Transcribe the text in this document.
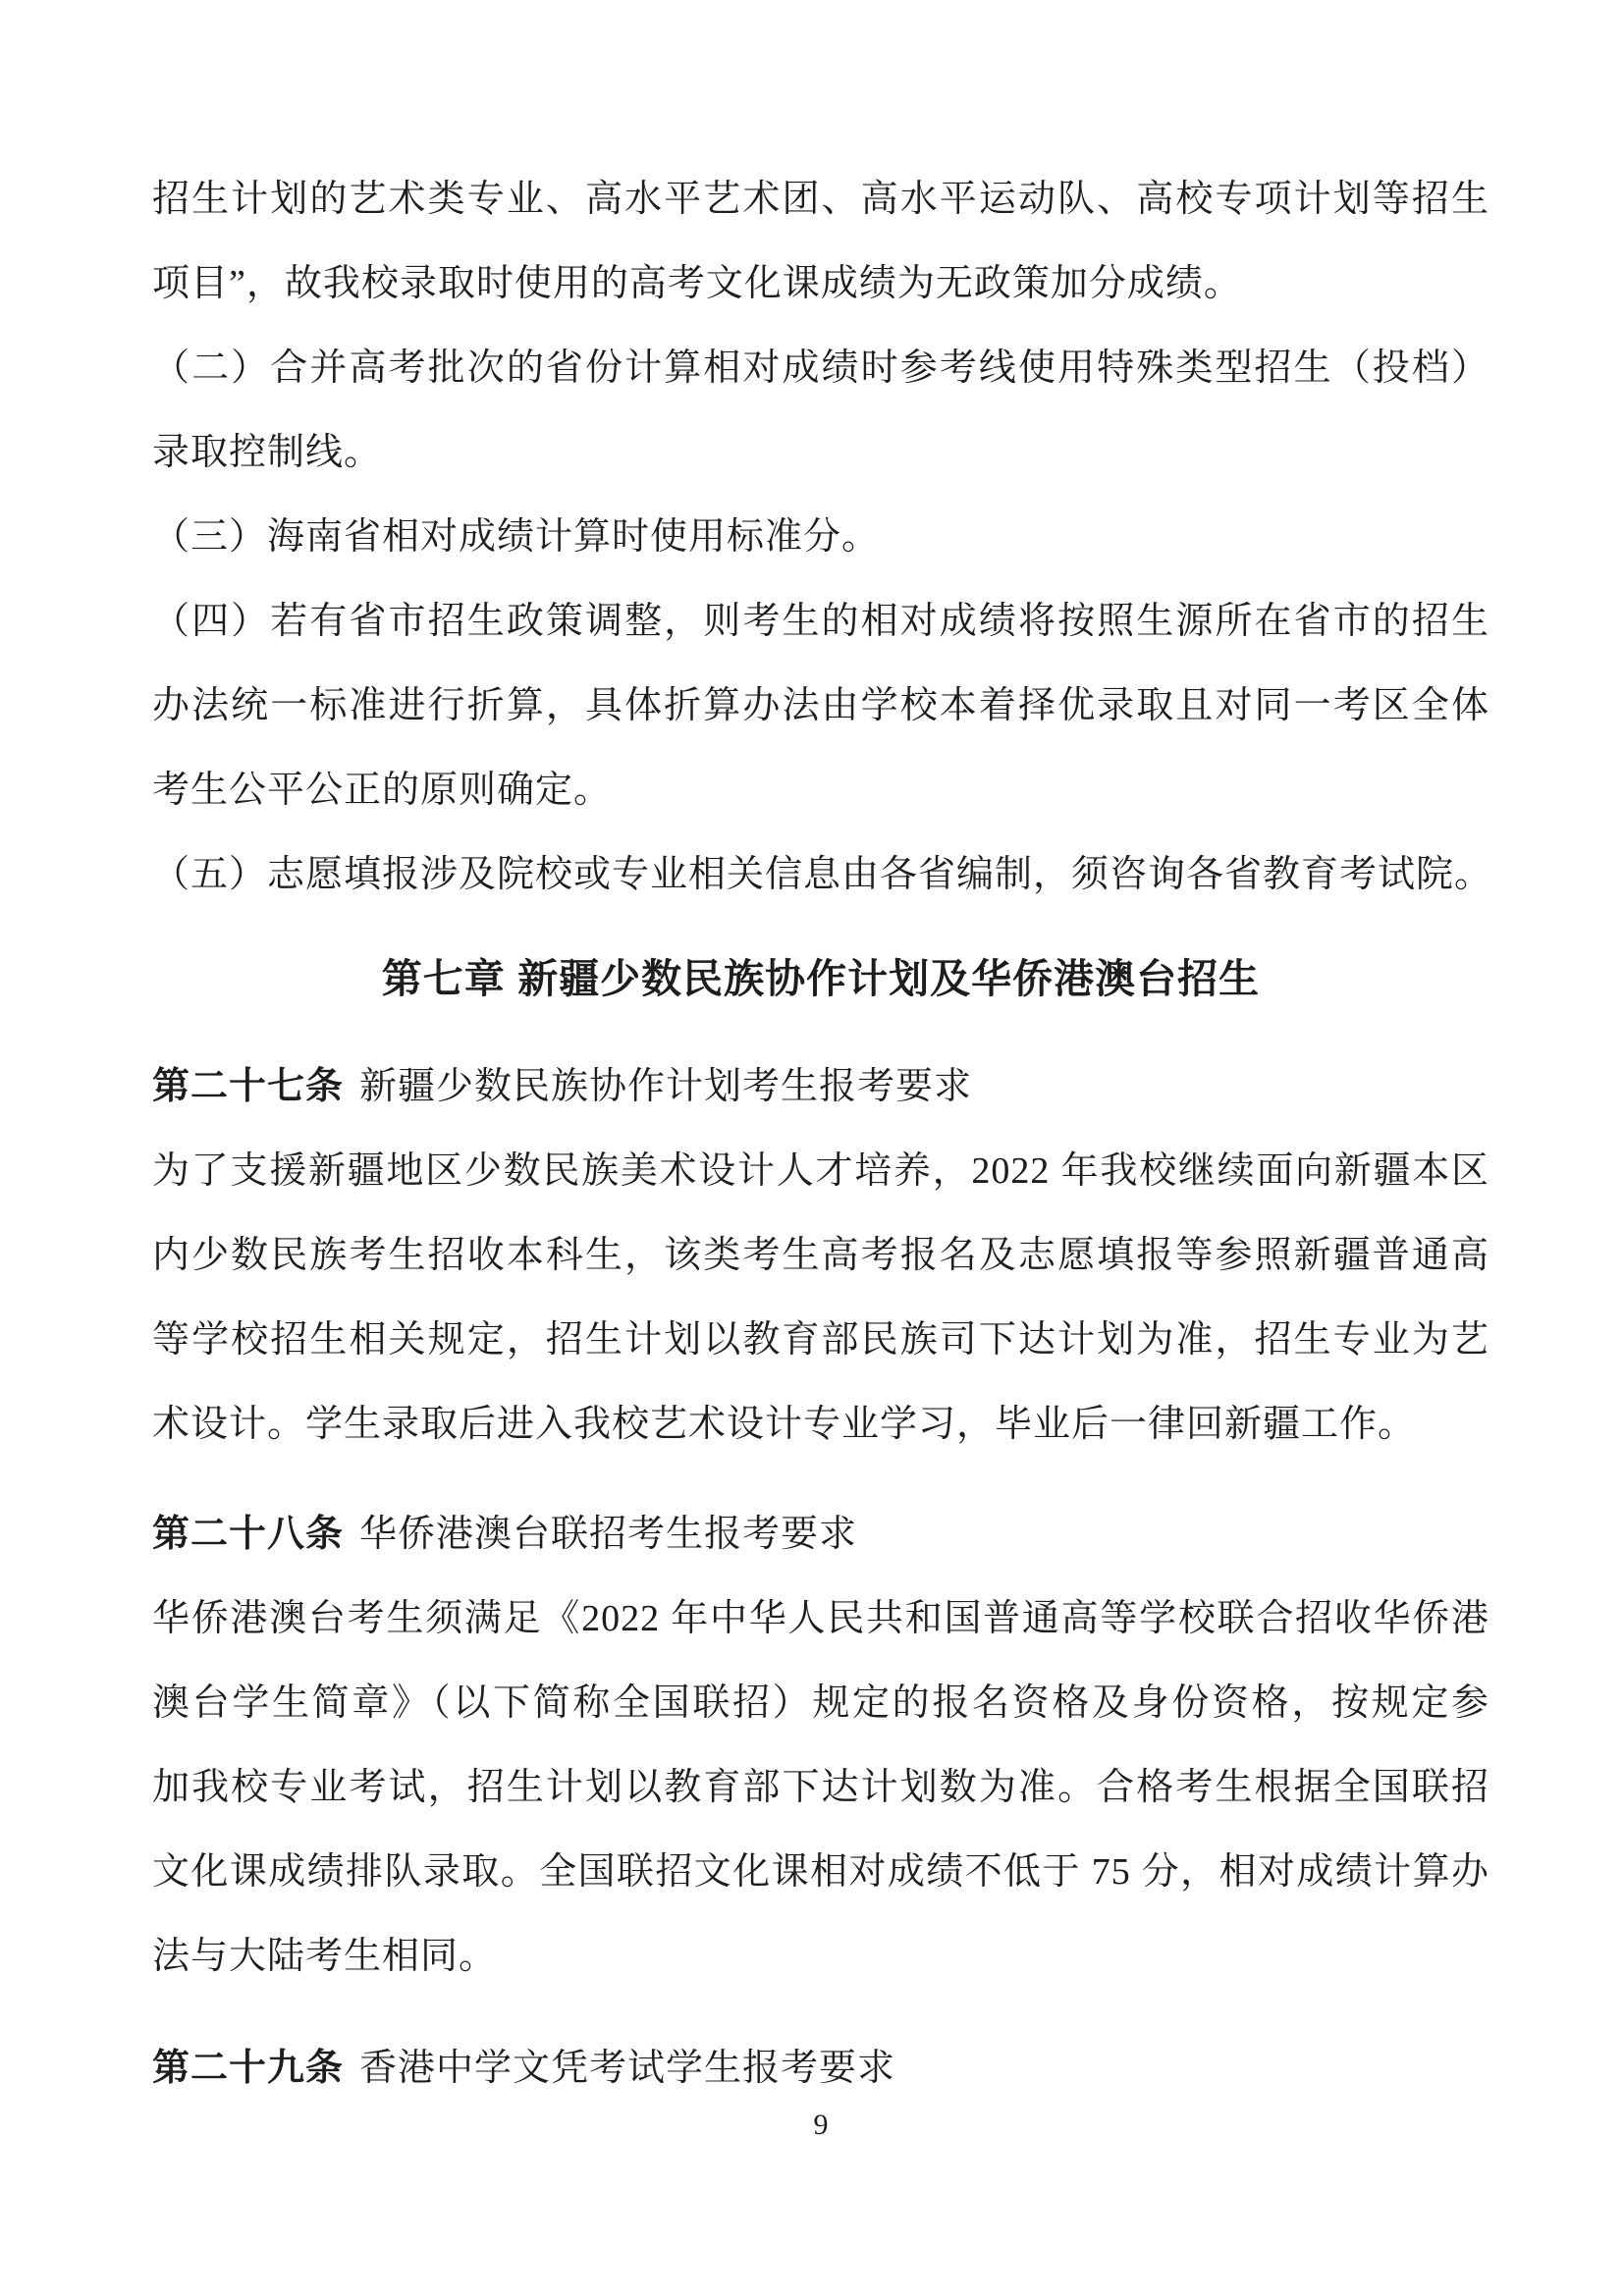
招生计划的艺术类专业、高水平艺术团、高水平运动队、高校专项计划等招生

项目”，故我校录取时使用的高考文化课成绩为无政策加分成绩。

（二）合并高考批次的省份计算相对成绩时参考线使用特殊类型招生（投档）

录取控制线。

（三）海南省相对成绩计算时使用标准分。

（四）若有省市招生政策调整，则考生的相对成绩将按照生源所在省市的招生

办法统一标准进行折算，具体折算办法由学校本着择优录取且对同一考区全体

考生公平公正的原则确定。

（五）志愿填报涉及院校或专业相关信息由各省编制，须咨询各省教育考试院。

第七章 新疆少数民族协作计划及华侨港澳台招生

第二十七条 新疆少数民族协作计划考生报考要求

为了支援新疆地区少数民族美术设计人才培养，2022 年我校继续面向新疆本区

内少数民族考生招收本科生，该类考生高考报名及志愿填报等参照新疆普通高

等学校招生相关规定，招生计划以教育部民族司下达计划为准，招生专业为艺

术设计。学生录取后进入我校艺术设计专业学习，毕业后一律回新疆工作。

第二十八条 华侨港澳台联招考生报考要求

华侨港澳台考生须满足《2022 年中华人民共和国普通高等学校联合招收华侨港

澳台学生简章》（以下简称全国联招）规定的报名资格及身份资格，按规定参

加我校专业考试，招生计划以教育部下达计划数为准。合格考生根据全国联招

文化课成绩排队录取。全国联招文化课相对成绩不低于 75 分，相对成绩计算办

法与大陆考生相同。

第二十九条 香港中学文凭考试学生报考要求

9
